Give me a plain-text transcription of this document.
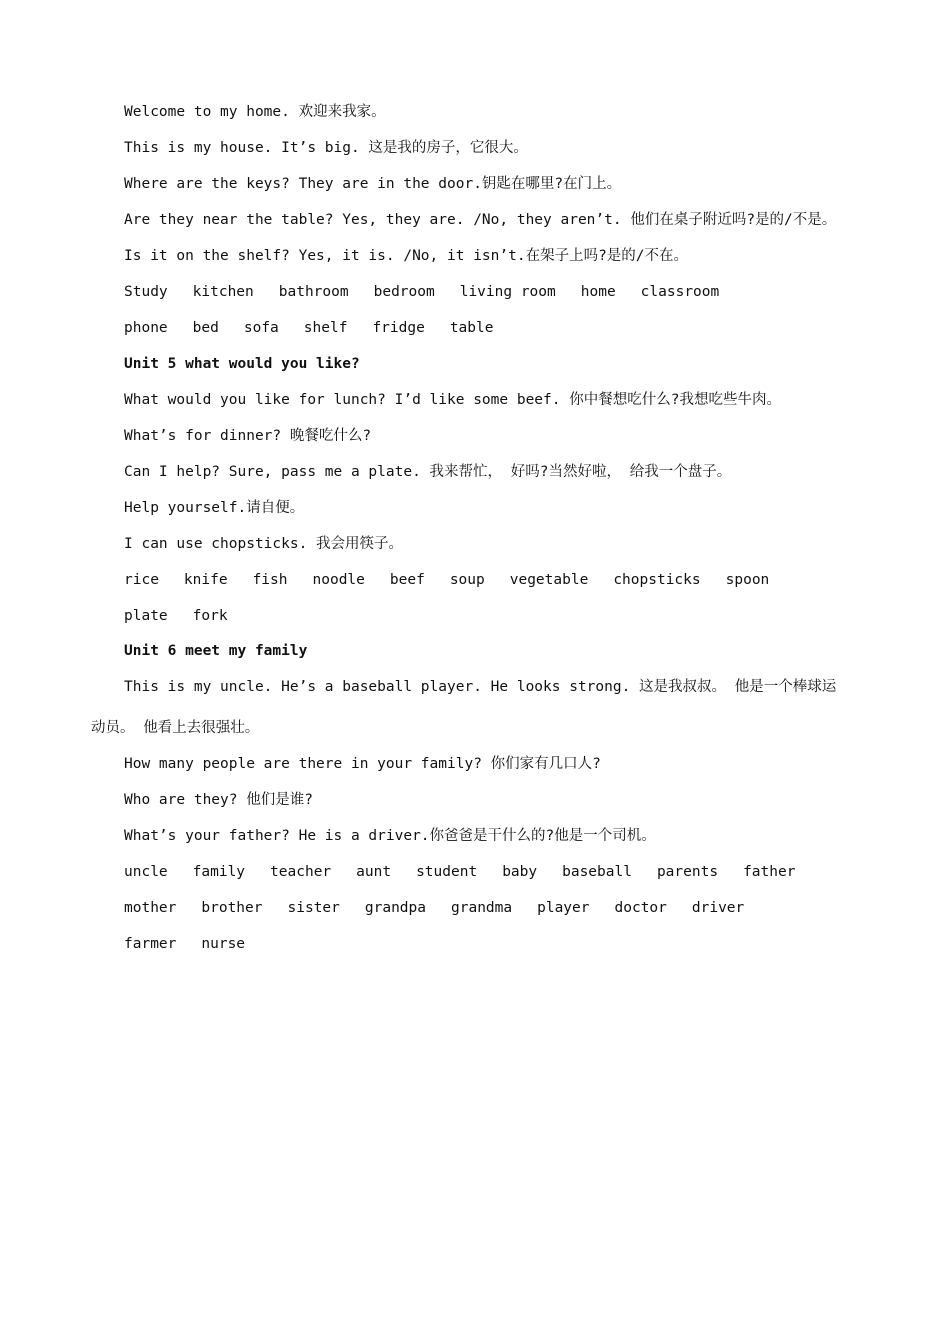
Welcome to my home. 欢迎来我家。

This is my house. It’s big. 这是我的房子，它很大。

Where are the keys? They are in the door.钥匙在哪里?在门上。

Are they near the table? Yes, they are. /No, they aren’t. 他们在桌子附近吗?是的/不是。

Is it on the shelf? Yes, it is. /No, it isn’t.在架子上吗?是的/不在。

Study kitchen bathroom bedroom living room home classroom

phone bed sofa shelf fridge table

Unit 5 what would you like?

What would you like for lunch? I’d like some beef. 你中餐想吃什么?我想吃些牛肉。

What’s for dinner? 晚餐吃什么?

Can I help? Sure, pass me a plate. 我来帮忙， 好吗?当然好啦， 给我一个盘子。

Help yourself.请自便。

I can use chopsticks. 我会用筷子。

rice knife fish noodle beef soup vegetable chopsticks spoon

plate fork

Unit 6 meet my family

This is my uncle. He’s a baseball player. He looks strong. 这是我叔叔。 他是一个棒球运

动员。 他看上去很强壮。

How many people are there in your family? 你们家有几口人?

Who are they? 他们是谁?

What’s your father? He is a driver.你爸爸是干什么的?他是一个司机。

uncle family teacher aunt student baby baseball parents father

mother brother sister grandpa grandma player doctor driver

farmer nurse
